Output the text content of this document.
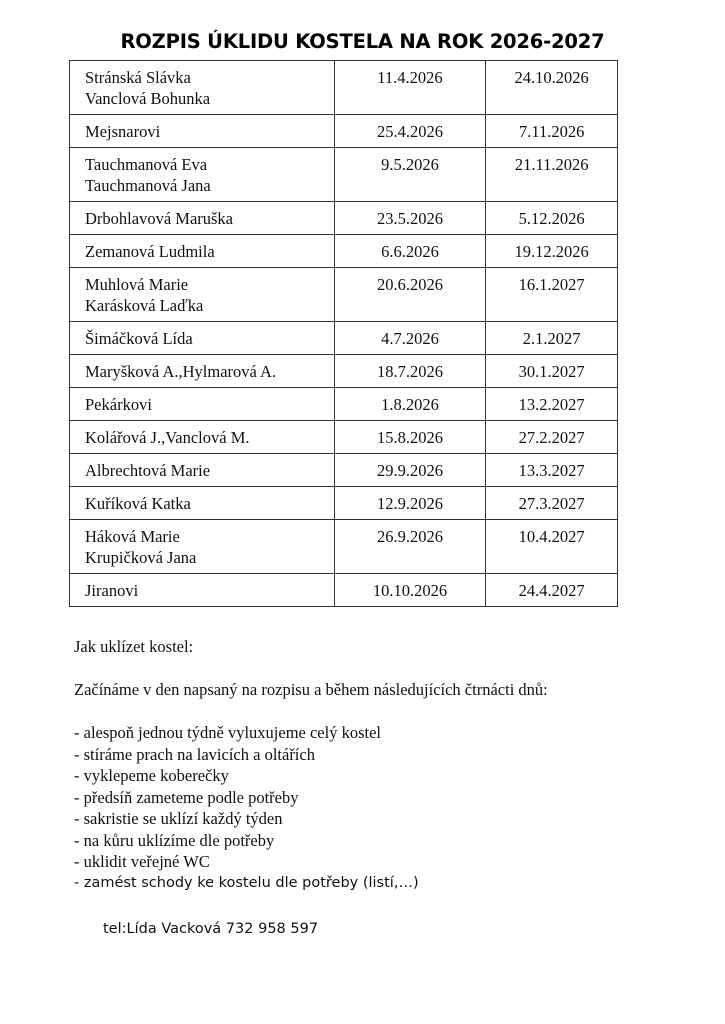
ROZPIS ÚKLIDU KOSTELA NA ROK 2026-2027
Stránská Slávka
Vanclová Bohunka	11.4.2026	24.10.2026

Mejsnarovi	25.4.2026	7.11.2026

Tauchmanová Eva
Tauchmanová Jana	9.5.2026	21.11.2026

Drbohlavová Maruška	23.5.2026	5.12.2026

Zemanová Ludmila	6.6.2026	19.12.2026

Muhlová Marie
Karásková Laďka	20.6.2026	16.1.2027

Šimáčková Lída	4.7.2026	2.1.2027

Maryšková A.,Hylmarová A.	18.7.2026	30.1.2027

Pekárkovi	1.8.2026	13.2.2027

Kolářová J.,Vanclová M.	15.8.2026	27.2.2027

Albrechtová Marie	29.9.2026	13.3.2027

Kuříková Katka	12.9.2026	27.3.2027

Háková Marie
Krupičková Jana	26.9.2026	10.4.2027

Jiranovi	10.10.2026	24.4.2027
Jak uklízet kostel:
Začínáme v den napsaný na rozpisu a během následujících čtrnácti dnů:
- alespoň jednou týdně vyluxujeme celý kostel
- stíráme prach na lavicích a oltářích
- vyklepeme koberečky
- předsíň zameteme podle potřeby
- sakristie se uklízí každý týden
- na kůru uklízíme dle potřeby
- uklidit veřejné WC
- zamést schody ke kostelu dle potřeby (listí,…)
tel:Lída Vacková 732 958 597
